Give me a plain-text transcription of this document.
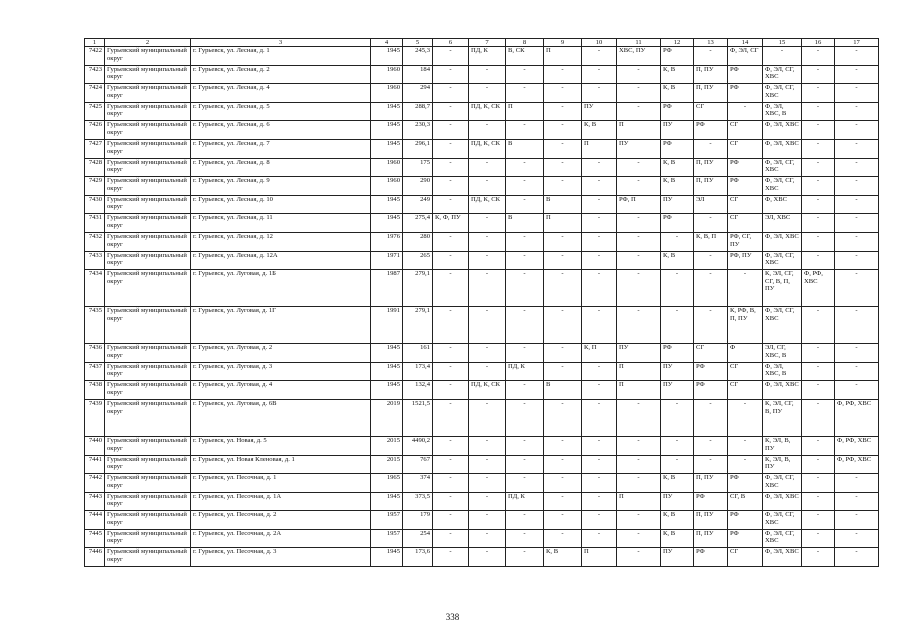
1	2	3	4	5	6	7	8	9	10	11	12	13	14	15	16	17
7422	Гурьевский муниципальный округ	г. Гурьевск, ул. Лесная, д. 1	1945	245,3	-	ПД, К	В, СК	П	-	ХВС, ПУ	РФ	-	Ф, ЭЛ, СГ	-	-	-
7423	Гурьевский муниципальный округ	г. Гурьевск, ул. Лесная, д. 2	1960	184	-	-	-	-	-	-	К, В	П, ПУ	РФ	Ф, ЭЛ, СГ, ХВС	-	-
7424	Гурьевский муниципальный округ	г. Гурьевск, ул. Лесная, д. 4	1960	294	-	-	-	-	-	-	К, В	П, ПУ	РФ	Ф, ЭЛ, СГ, ХВС	-	-
7425	Гурьевский муниципальный округ	г. Гурьевск, ул. Лесная, д. 5	1945	288,7	-	ПД, К, СК	П	-	ПУ	-	РФ	СГ	-	Ф, ЭЛ, ХВС, В	-	-
7426	Гурьевский муниципальный округ	г. Гурьевск, ул. Лесная, д. 6	1945	230,3	-	-	-	-	К, В	П	ПУ	РФ	СГ	Ф, ЭЛ, ХВС	-	-
7427	Гурьевский муниципальный округ	г. Гурьевск, ул. Лесная, д. 7	1945	296,1	-	ПД, К, СК	В	-	П	ПУ	РФ	-	СГ	Ф, ЭЛ, ХВС	-	-
7428	Гурьевский муниципальный округ	г. Гурьевск, ул. Лесная, д. 8	1960	175	-	-	-	-	-	-	К, В	П, ПУ	РФ	Ф, ЭЛ, СГ, ХВС	-	-
7429	Гурьевский муниципальный округ	г. Гурьевск, ул. Лесная, д. 9	1960	290	-	-	-	-	-	-	К, В	П, ПУ	РФ	Ф, ЭЛ, СГ, ХВС	-	-
7430	Гурьевский муниципальный округ	г. Гурьевск, ул. Лесная, д. 10	1945	249	-	ПД, К, СК	-	В	-	РФ, П	ПУ	ЭЛ	СГ	Ф, ХВС	-	-
7431	Гурьевский муниципальный округ	г. Гурьевск, ул. Лесная, д. 11	1945	275,4	К, Ф, ПУ	-	В	П	-	-	РФ	-	СГ	ЭЛ, ХВС	-	-
7432	Гурьевский муниципальный округ	г. Гурьевск, ул. Лесная, д. 12	1976	280	-	-	-	-	-	-	-	К, В, П	РФ, СГ, ПУ	Ф, ЭЛ, ХВС	-	-
7433	Гурьевский муниципальный округ	г. Гурьевск, ул. Лесная, д. 12А	1971	265	-	-	-	-	-	-	К, В	-	РФ, ПУ	Ф, ЭЛ, СГ, ХВС	-	-
7434	Гурьевский муниципальный округ	г. Гурьевск, ул. Луговая, д. 1Б	1987	279,1	-	-	-	-	-	-	-	-	-	К, ЭЛ, СГ, СГ, В, П, ПУ	Ф, РФ, ХВС	-
7435	Гурьевский муниципальный округ	г. Гурьевск, ул. Луговая, д. 1Г	1991	279,1	-	-	-	-	-	-	-	-	К, РФ, В, П, ПУ	Ф, ЭЛ, СГ, ХВС	-	-
7436	Гурьевский муниципальный округ	г. Гурьевск, ул. Луговая, д. 2	1945	161	-	-	-	-	К, П	ПУ	РФ	СГ	Ф	ЭЛ, СГ, ХВС, В	-	-
7437	Гурьевский муниципальный округ	г. Гурьевск, ул. Луговая, д. 3	1945	173,4	-	-	ПД, К	-	-	П	ПУ	РФ	СГ	Ф, ЭЛ, ХВС, В	-	-
7438	Гурьевский муниципальный округ	г. Гурьевск, ул. Луговая, д. 4	1945	132,4	-	ПД, К, СК	-	В	-	П	ПУ	РФ	СГ	Ф, ЭЛ, ХВС	-	-
7439	Гурьевский муниципальный округ	г. Гурьевск, ул. Луговая, д. 6В	2019	1521,5	-	-	-	-	-	-	-	-	-	К, ЭЛ, СГ, В, ПУ	-	Ф, РФ, ХВС
7440	Гурьевский муниципальный округ	г. Гурьевск, ул. Новая, д. 5	2015	4490,2	-	-	-	-	-	-	-	-	-	К, ЭЛ, В, ПУ	-	Ф, РФ, ХВС
7441	Гурьевский муниципальный округ	г. Гурьевск, ул. Новая Кленовая, д. 1	2015	767	-	-	-	-	-	-	-	-	-	К, ЭЛ, В, ПУ	-	Ф, РФ, ХВС
7442	Гурьевский муниципальный округ	г. Гурьевск, ул. Песочная, д. 1	1965	374	-	-	-	-	-	-	К, В	П, ПУ	РФ	Ф, ЭЛ, СГ, ХВС	-	-
7443	Гурьевский муниципальный округ	г. Гурьевск, ул. Песочная, д. 1А	1945	373,5	-	-	ПД, К	-	-	П	ПУ	РФ	СГ, В	Ф, ЭЛ, ХВС	-	-
7444	Гурьевский муниципальный округ	г. Гурьевск, ул. Песочная, д. 2	1957	179	-	-	-	-	-	-	К, В	П, ПУ	РФ	Ф, ЭЛ, СГ, ХВС	-	-
7445	Гурьевский муниципальный округ	г. Гурьевск, ул. Песочная, д. 2А	1957	254	-	-	-	-	-	-	К, В	П, ПУ	РФ	Ф, ЭЛ, СГ, ХВС	-	-
7446	Гурьевский муниципальный округ	г. Гурьевск, ул. Песочная, д. 3	1945	173,6	-	-	-	К, В	П	-	ПУ	РФ	СГ	Ф, ЭЛ, ХВС	-	-
338
